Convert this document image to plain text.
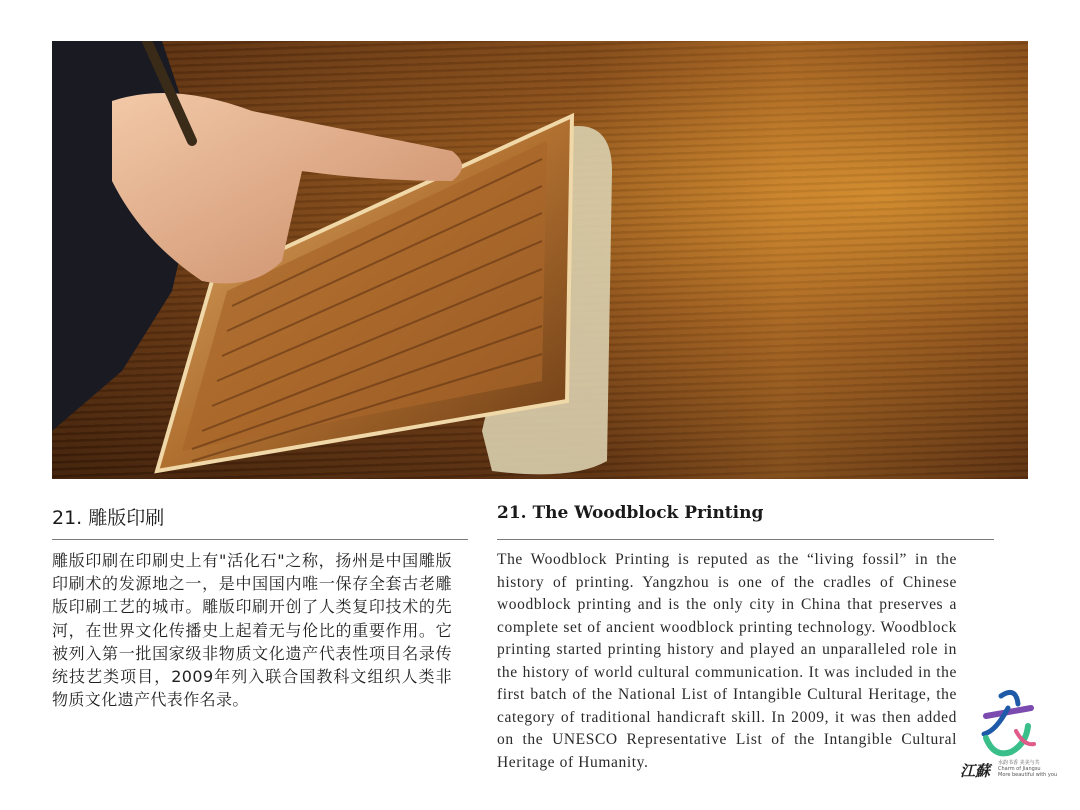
21. 雕版印刷
雕版印刷在印刷史上有"活化石"之称，扬州是中国雕版印刷术的发源地之一，是中国国内唯一保存全套古老雕版印刷工艺的城市。雕版印刷开创了人类复印技术的先河，在世界文化传播史上起着无与伦比的重要作用。它被列入第一批国家级非物质文化遗产代表性项目名录传统技艺类项目，2009年列入联合国教科文组织人类非物质文化遗产代表作名录。
21. The Woodblock Printing
The Woodblock Printing is reputed as the “living fossil” in the history of printing. Yangzhou is one of the cradles of Chinese woodblock printing and is the only city in China that preserves a complete set of ancient woodblock printing technology. Woodblock printing started printing history and played an unparalleled role in the history of world cultural communication. It was included in the first batch of the National List of Intangible Cultural Heritage, the category of traditional handicraft skill. In 2009, it was then added on the UNESCO Representative List of the Intangible Cultural Heritage of Humanity.	江蘇 水韵书香 美美与共
Charm of Jiangsu
More beautiful with you
